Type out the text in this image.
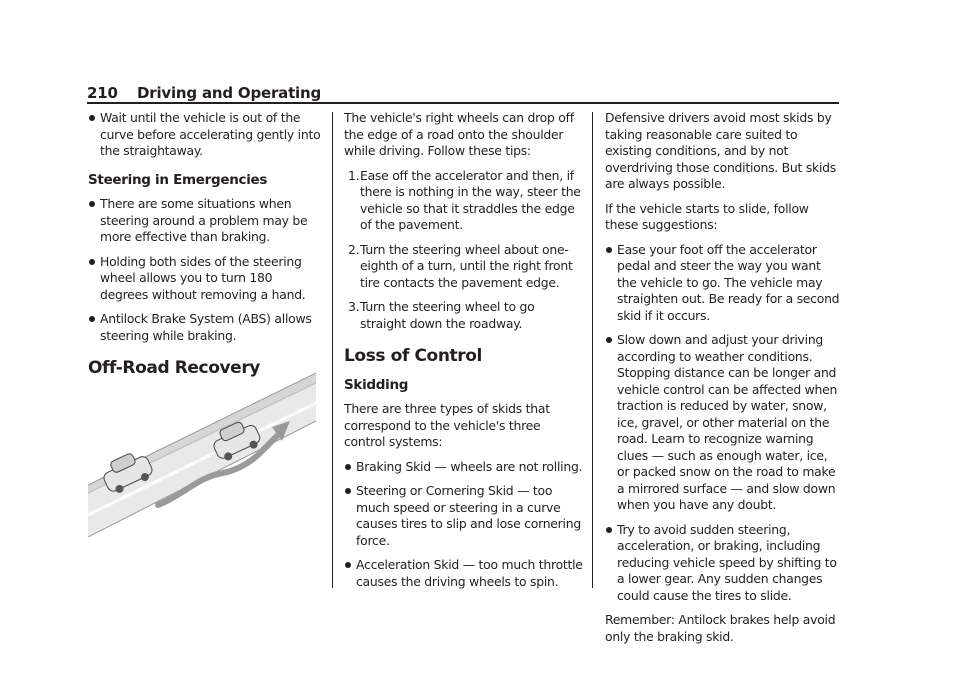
210 Driving and Operating
Wait until the vehicle is out of the curve before accelerating gently into the straightaway.
Steering in Emergencies
There are some situations when steering around a problem may be more effective than braking.
Holding both sides of the steering wheel allows you to turn 180 degrees without removing a hand.
Antilock Brake System (ABS) allows steering while braking.
Off-Road Recovery

The vehicle's right wheels can drop off the edge of a road onto the shoulder while driving. Follow these tips:

1. Ease off the accelerator and then, if there is nothing in the way, steer the vehicle so that it straddles the edge of the pavement.
2. Turn the steering wheel about one-eighth of a turn, until the right front tire contacts the pavement edge.
3. Turn the steering wheel to go straight down the roadway.
Loss of Control
Skidding

There are three types of skids that correspond to the vehicle's three control systems:

Braking Skid — wheels are not rolling.
Steering or Cornering Skid — too much speed or steering in a curve causes tires to slip and lose cornering force.
Acceleration Skid — too much throttle causes the driving wheels to spin.

Defensive drivers avoid most skids by taking reasonable care suited to existing conditions, and by not overdriving those conditions. But skids are always possible.

If the vehicle starts to slide, follow these suggestions:

Ease your foot off the accelerator pedal and steer the way you want the vehicle to go. The vehicle may straighten out. Be ready for a second skid if it occurs.
Slow down and adjust your driving according to weather conditions. Stopping distance can be longer and vehicle control can be affected when traction is reduced by water, snow, ice, gravel, or other material on the road. Learn to recognize warning clues — such as enough water, ice, or packed snow on the road to make a mirrored surface — and slow down when you have any doubt.
Try to avoid sudden steering, acceleration, or braking, including reducing vehicle speed by shifting to a lower gear. Any sudden changes could cause the tires to slide.

Remember: Antilock brakes help avoid only the braking skid.
